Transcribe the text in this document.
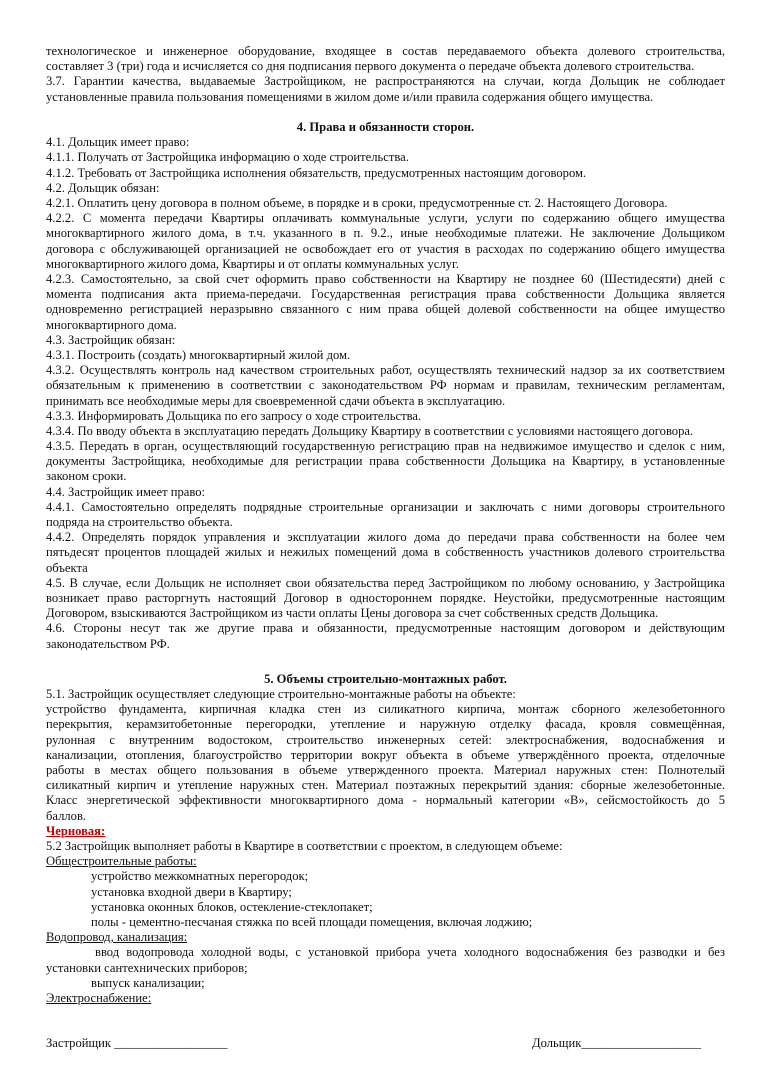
технологическое и инженерное оборудование, входящее в состав передаваемого объекта долевого строительства,
составляет 3 (три) года и исчисляется со дня подписания первого документа о передаче объекта долевого строительства.
3.7. Гарантии качества, выдаваемые Застройщиком, не распространяются на случаи, когда Дольщик не соблюдает
установленные правила пользования помещениями в жилом доме и/или правила содержания общего имущества.
4. Права и обязанности сторон.
4.1. Дольщик имеет право:
4.1.1. Получать от Застройщика информацию о ходе строительства.
4.1.2. Требовать от Застройщика исполнения обязательств, предусмотренных настоящим договором.
4.2. Дольщик обязан:
4.2.1. Оплатить цену договора в полном объеме, в порядке и в сроки, предусмотренные ст. 2. Настоящего Договора.
4.2.2. С момента передачи Квартиры оплачивать коммунальные услуги, услуги по содержанию общего имущества
многоквартирного жилого дома, в т.ч. указанного в п. 9.2., иные необходимые платежи. Не заключение Дольщиком
договора с обслуживающей организацией не освобождает его от участия в расходах по содержанию общего имущества
многоквартирного жилого дома, Квартиры и от оплаты коммунальных услуг.
4.2.3. Самостоятельно, за свой счет оформить право собственности на Квартиру не позднее 60 (Шестидесяти) дней с
момента подписания акта приема-передачи. Государственная регистрация права собственности Дольщика является
одновременно регистрацией неразрывно связанного с ним права общей долевой собственности на общее имущество
многоквартирного дома.
4.3. Застройщик обязан:
4.3.1. Построить (создать) многоквартирный жилой дом.
4.3.2. Осуществлять контроль над качеством строительных работ, осуществлять технический надзор за их соответствием
обязательным к применению в соответствии с законодательством РФ нормам и правилам, техническим регламентам,
принимать все необходимые меры для своевременной сдачи объекта в эксплуатацию.
4.3.3. Информировать Дольщика по его запросу о ходе строительства.
4.3.4. По вводу объекта в эксплуатацию передать Дольщику Квартиру в соответствии с условиями настоящего договора.
4.3.5. Передать в орган, осуществляющий государственную регистрацию прав на недвижимое имущество и сделок с ним,
документы Застройщика, необходимые для регистрации права собственности Дольщика на Квартиру, в установленные
законом сроки.
4.4. Застройщик имеет право:
4.4.1. Самостоятельно определять подрядные строительные организации и заключать с ними договоры строительного
подряда на строительство объекта.
4.4.2. Определять порядок управления и эксплуатации жилого дома до передачи права собственности на более чем
пятьдесят процентов площадей жилых и нежилых помещений дома в собственность участников долевого строительства
объекта
4.5. В случае, если Дольщик не исполняет свои обязательства перед Застройщиком по любому основанию, у Застройщика
возникает право расторгнуть настоящий Договор в одностороннем порядке. Неустойки, предусмотренные настоящим
Договором, взыскиваются Застройщиком из части оплаты Цены договора за счет собственных средств Дольщика.
4.6. Стороны несут так же другие права и обязанности, предусмотренные настоящим договором и действующим
законодательством РФ.
5. Объемы строительно-монтажных работ.
5.1. Застройщик осуществляет следующие строительно-монтажные работы на объекте:
устройство фундамента, кирпичная кладка стен из силикатного кирпича, монтаж сборного железобетонного
перекрытия, керамзитобетонные перегородки, утепление и наружную отделку фасада, кровля совмещённая,
рулонная с внутренним водостоком, строительство инженерных сетей: электроснабжения, водоснабжения и
канализации, отопления, благоустройство территории вокруг объекта в объеме утверждённого проекта, отделочные
работы в местах общего пользования в объеме утвержденного проекта. Материал наружных стен: Полнотелый
силикатный кирпич и утепление наружных стен. Материал поэтажных перекрытий здания: сборные железобетонные.
Класс энергетической эффективности многоквартирного дома - нормальный категории «В», сейсмостойкость до 5
баллов.
Черновая:
5.2 Застройщик выполняет работы в Квартире в соответствии с проектом, в следующем объеме:
Общестроительные работы:
устройство межкомнатных перегородок;
установка входной двери в Квартиру;
установка оконных блоков, остекление-стеклопакет;
полы - цементно-песчаная стяжка по всей площади помещения, включая лоджию;
Водопровод, канализация:
ввод водопровода холодной воды, с установкой прибора учета холодного водоснабжения без разводки и без
установки сантехнических приборов;
выпуск канализации;
Электроснабжение:
Застройщик __________________	Дольщик___________________
